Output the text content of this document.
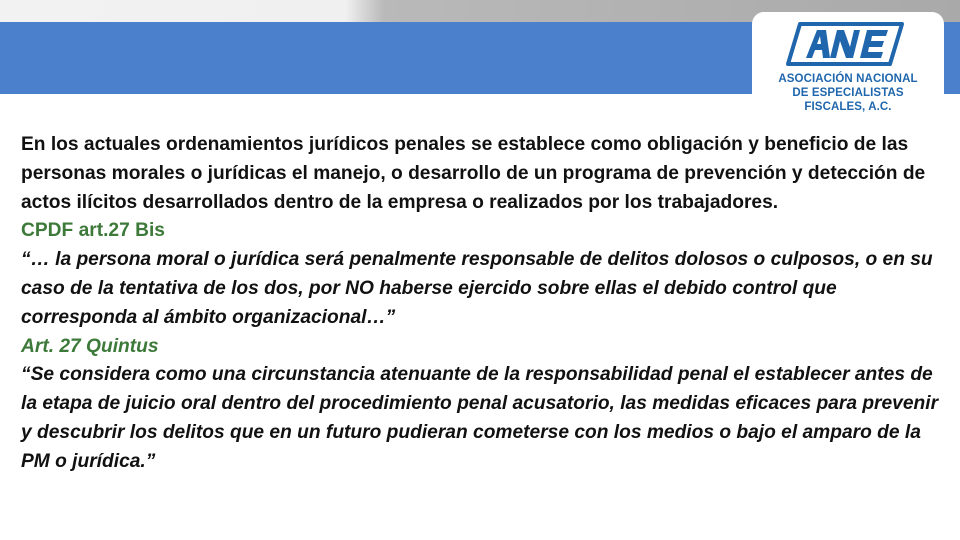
ASOCIACIÓN NACIONAL
DE ESPECIALISTAS
FISCALES, A.C.

En los actuales ordenamientos jurídicos penales se establece como obligación y beneficio de las personas morales o jurídicas el manejo, o desarrollo de un programa de prevención y detección de actos ilícitos desarrollados dentro de la empresa o realizados por los trabajadores.

CPDF art.27 Bis

“… la persona moral o jurídica será penalmente responsable de delitos dolosos o culposos, o en su caso de la tentativa de los dos, por NO haberse ejercido sobre ellas el debido control que corresponda al ámbito organizacional…”

Art. 27 Quintus

“Se considera como una circunstancia atenuante de la responsabilidad penal el establecer antes de la etapa de juicio oral dentro del procedimiento penal acusatorio, las medidas eficaces para prevenir y descubrir los delitos que en un futuro pudieran cometerse con los medios o bajo el amparo de la PM o jurídica.”
